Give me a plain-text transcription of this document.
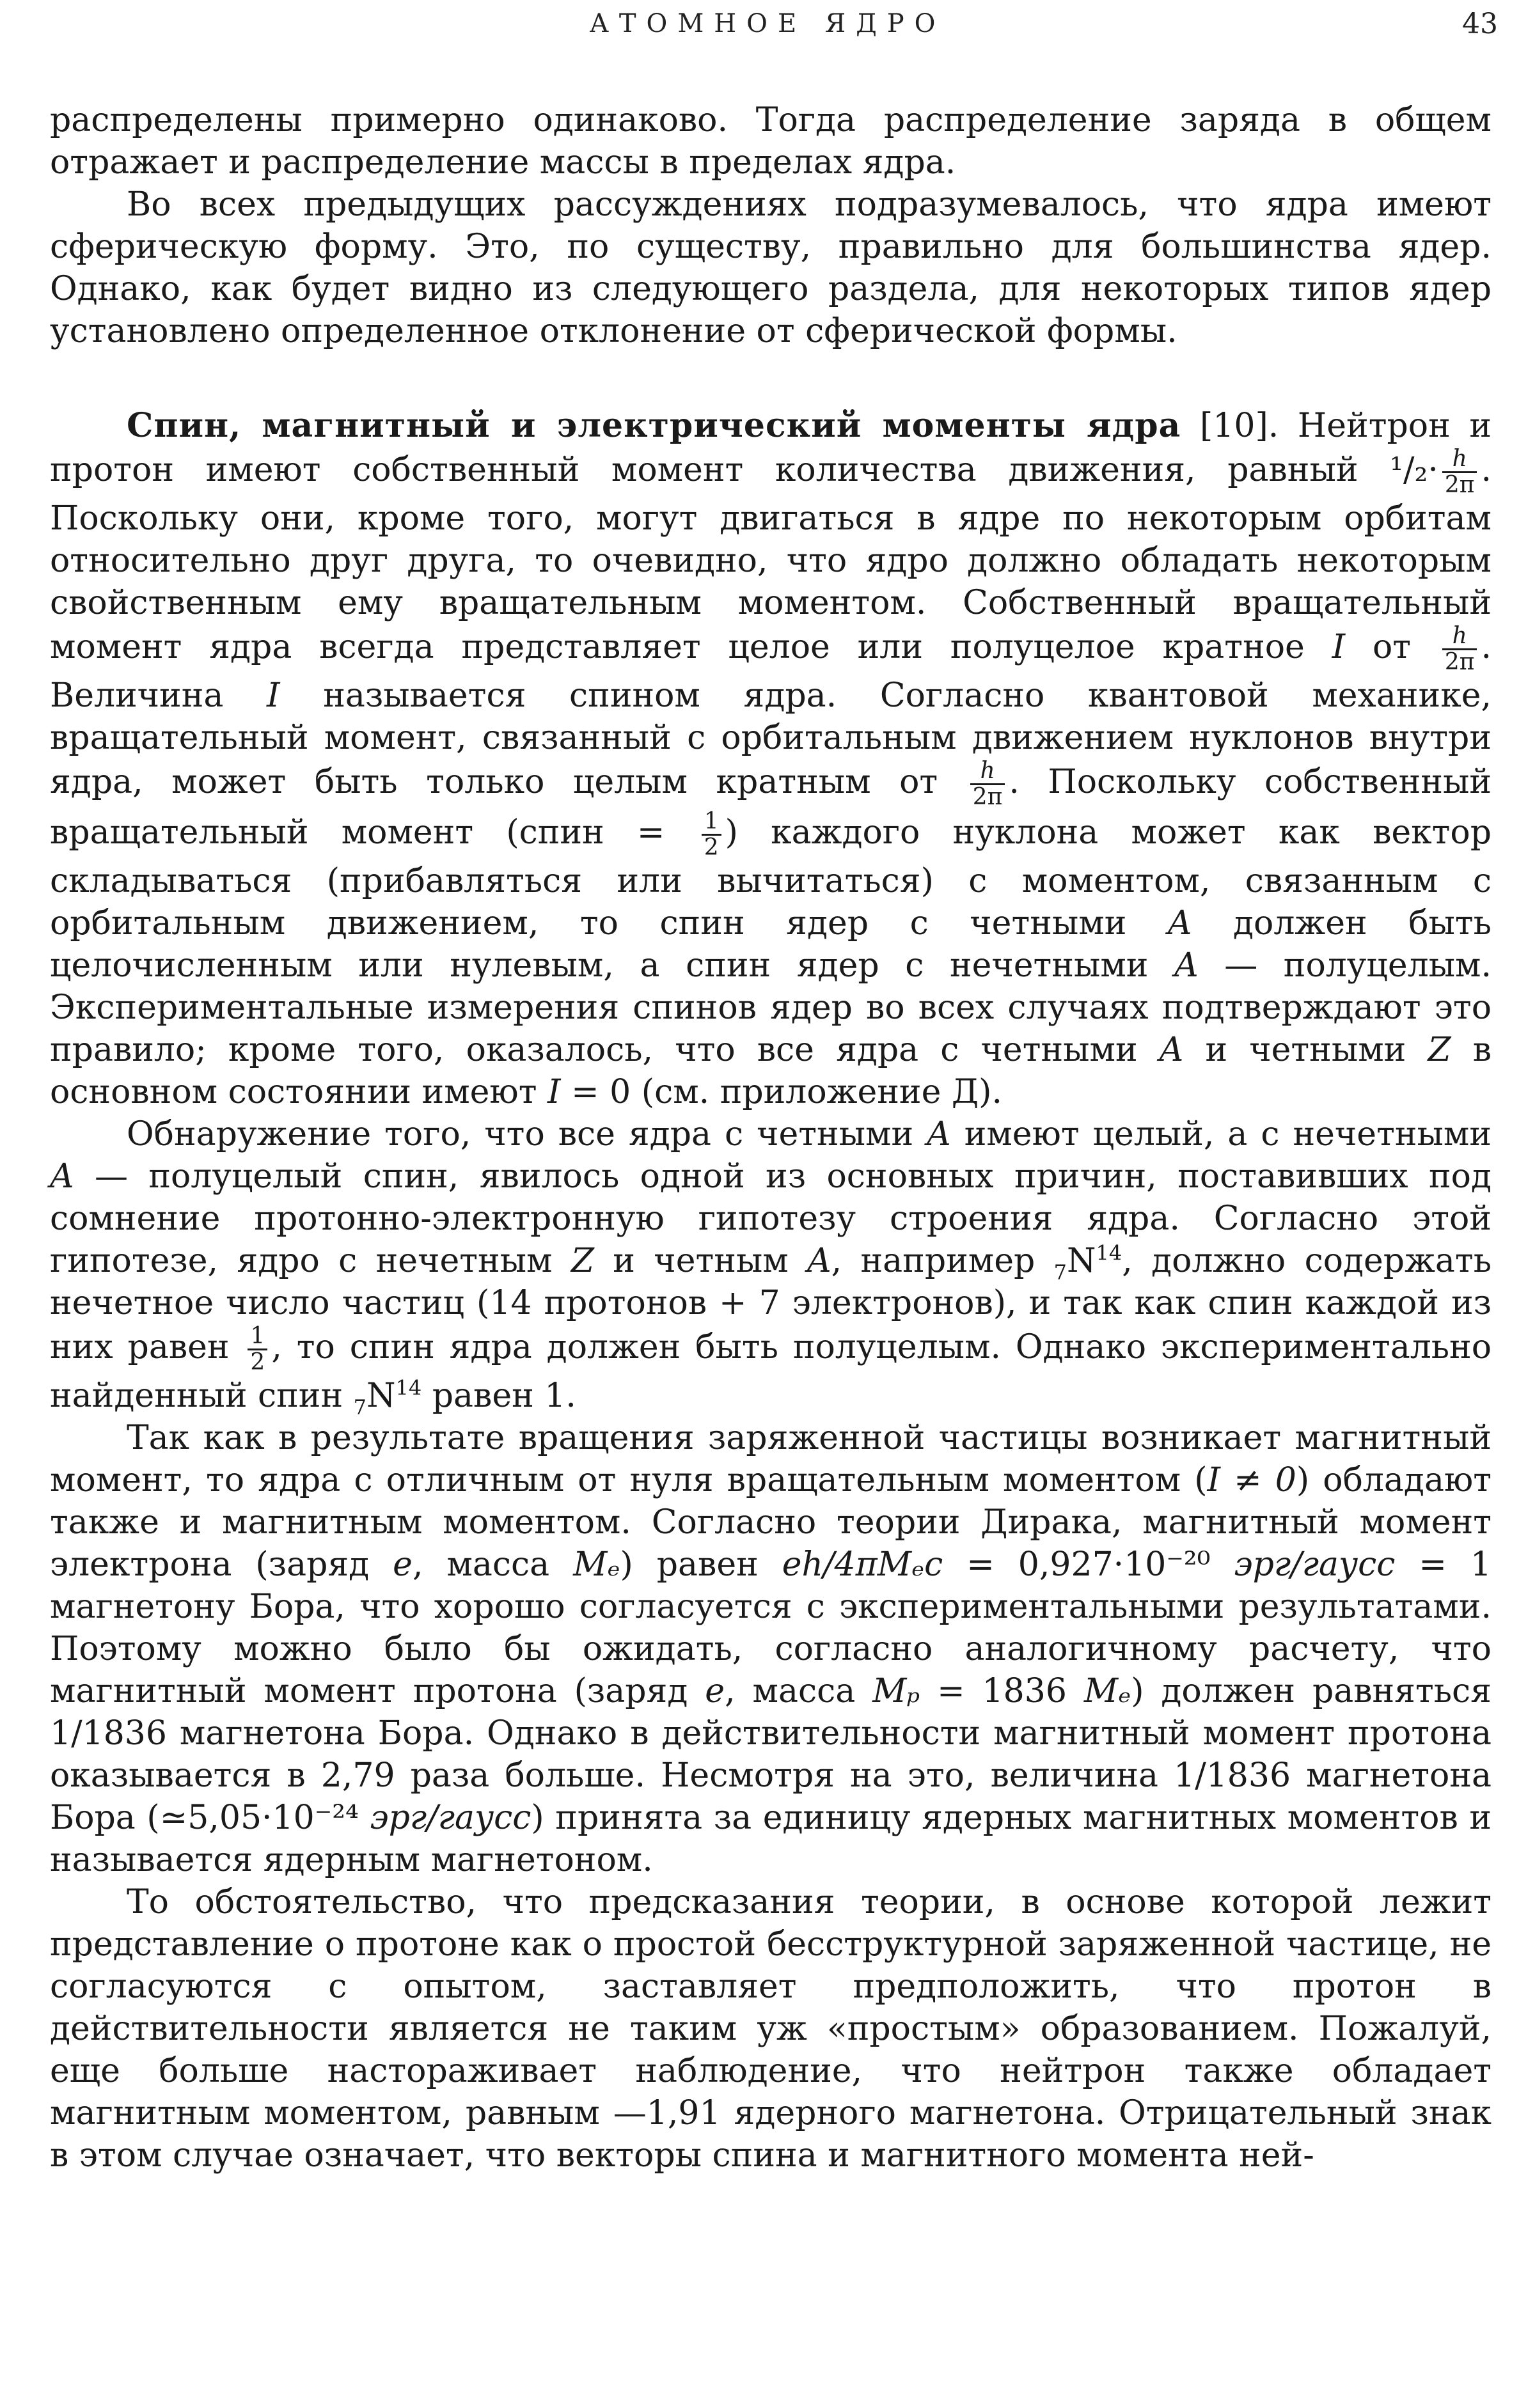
АТОМНОЕ ЯДРО	43

распределены примерно одинаково. Тогда распределение заряда в общем отражает и распределение массы в пределах ядра.

Во всех предыдущих рассуждениях подразумевалось, что ядра имеют сферическую форму. Это, по существу, правильно для большинства ядер. Однако, как будет видно из следующего раздела, для некоторых типов ядер установлено определенное отклонение от сферической формы.

Спин, магнитный и электрический моменты ядра [10]. Нейтрон и протон имеют собственный момент количества движения, равный $^1/_2\cdot \frac{h}{2\pi}$ . Поскольку они, кроме того, могут двигаться в ядре по некоторым орбитам относительно друг друга, то очевидно, что ядро должно обладать некоторым свойственным ему вращательным моментом. Собственный вращательный момент ядра всегда представляет целое или полуцелое кратное I от $\frac{h}{2\pi}$ . Величина I называется спином ядра. Согласно квантовой механике, вращательный момент, связанный с орбитальным движением нуклонов внутри ядра, может быть только целым кратным от $\frac{h}{2\pi}$ . Поскольку собственный вращательный момент (спин = $\frac{1}{2}$ ) каждого нуклона может как вектор складываться (прибавляться или вычитаться) с моментом, связанным с орбитальным движением, то спин ядер с четными A должен быть целочисленным или нулевым, а спин ядер с нечетными A — полуцелым. Экспериментальные измерения спинов ядер во всех случаях подтверждают это правило; кроме того, оказалось, что все ядра с четными A и четными Z в основном состоянии имеют I = 0 (см. приложение Д).

Обнаружение того, что все ядра с четными A имеют целый, а с нечетными A — полуцелый спин, явилось одной из основных причин, поставивших под сомнение протонно-электронную гипотезу строения ядра. Согласно этой гипотезе, ядро с нечетным Z и четным A, например $_7N^{14}$, должно содержать нечетное число частиц (14 протонов + 7 электронов), и так как спин каждой из них равен $\frac{1}{2}$ , то спин ядра должен быть полуцелым. Однако экспериментально найденный спин $_7N^{14}$ равен 1.

Так как в результате вращения заряженной частицы возникает магнитный момент, то ядра с отличным от нуля вращательным моментом (I ≠ 0) обладают также и магнитным моментом. Согласно теории Дирака, магнитный момент электрона (заряд e, масса Mₑ) равен eh/4πMₑc = 0,927·10⁻²⁰ эрг/гаусс = 1 магнетону Бора, что хорошо согласуется с экспериментальными результатами. Поэтому можно было бы ожидать, согласно аналогичному расчету, что магнитный момент протона (заряд e, масса Mₚ = 1836 Mₑ) должен равняться 1/1836 магнетона Бора. Однако в действительности магнитный момент протона оказывается в 2,79 раза больше. Несмотря на это, величина 1/1836 магнетона Бора (≃5,05·10⁻²⁴ эрг/гаусс) принята за единицу ядерных магнитных моментов и называется ядерным магнетоном.

То обстоятельство, что предсказания теории, в основе которой лежит представление о протоне как о простой бесструктурной заряженной частице, не согласуются с опытом, заставляет предположить, что протон в действительности является не таким уж «простым» образованием. Пожалуй, еще больше настораживает наблюдение, что нейтрон также обладает магнитным моментом, равным —1,91 ядерного магнетона. Отрицательный знак в этом случае означает, что векторы спина и магнитного момента ней-
